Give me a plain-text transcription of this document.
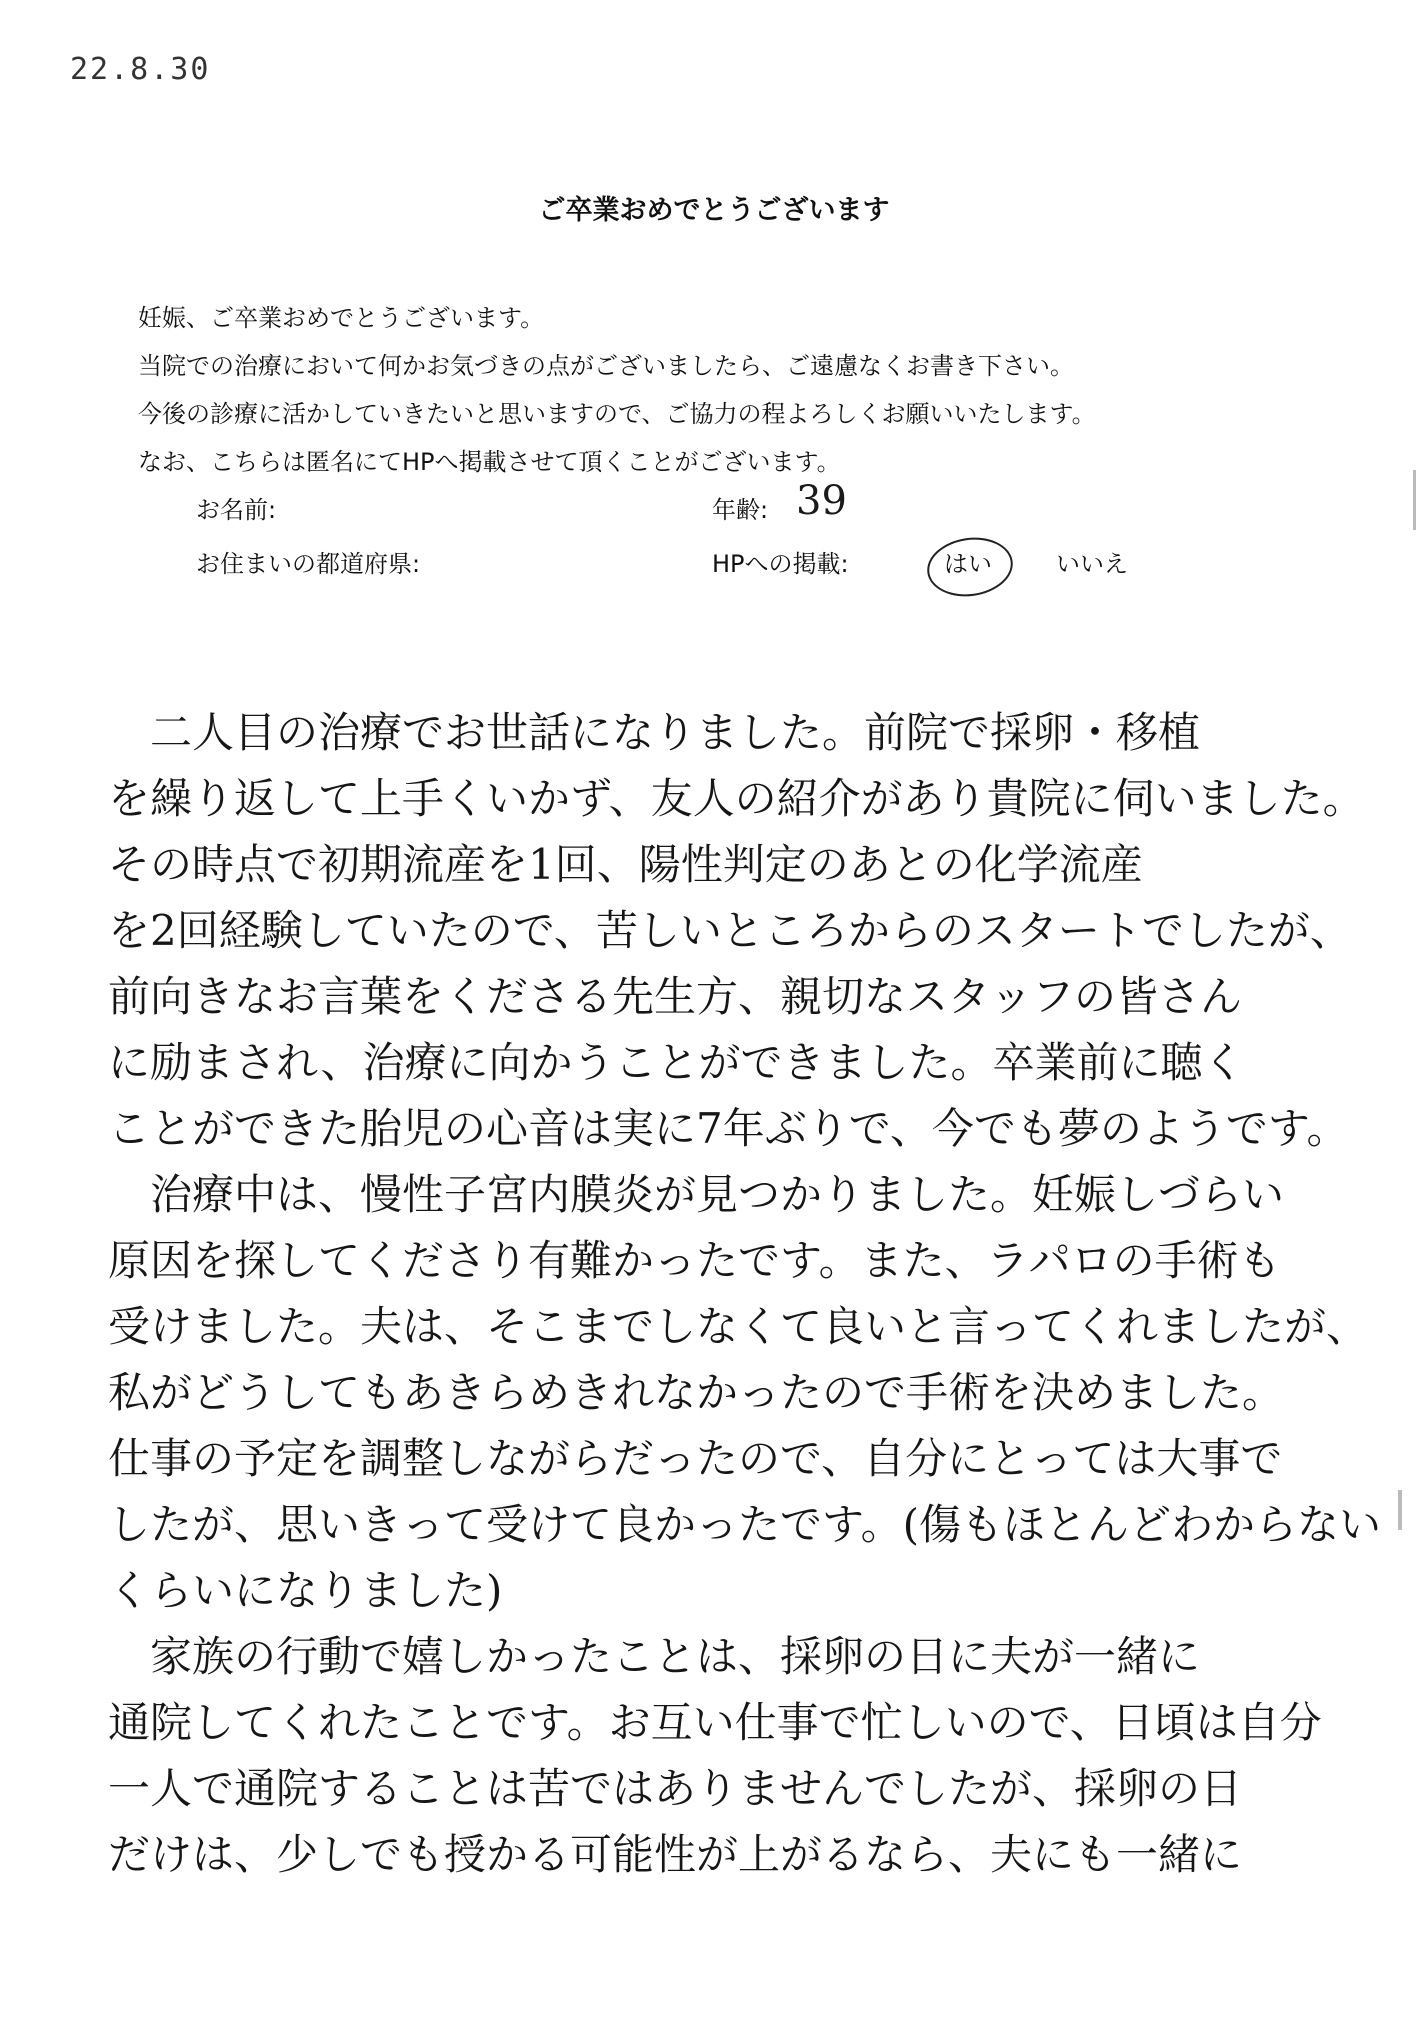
22.8.30
ご卒業おめでとうございます
妊娠、ご卒業おめでとうございます。
当院での治療において何かお気づきの点がございましたら、ご遠慮なくお書き下さい。
今後の診療に活かしていきたいと思いますので、ご協力の程よろしくお願いいたします。
なお、こちらは匿名にてHPへ掲載させて頂くことがございます。
お名前:	年齢: 39
お住まいの都道府県:	HPへの掲載:	はい	いいえ
　二人目の治療でお世話になりました。前院で採卵・移植
を繰り返して上手くいかず、友人の紹介があり貴院に伺いました。
その時点で初期流産を1回、陽性判定のあとの化学流産
を2回経験していたので、苦しいところからのスタートでしたが、
前向きなお言葉をくださる先生方、親切なスタッフの皆さん
に励まされ、治療に向かうことができました。卒業前に聴く
ことができた胎児の心音は実に7年ぶりで、今でも夢のようです。
　治療中は、慢性子宮内膜炎が見つかりました。妊娠しづらい
原因を探してくださり有難かったです。また、ラパロの手術も
受けました。夫は、そこまでしなくて良いと言ってくれましたが、
私がどうしてもあきらめきれなかったので手術を決めました。
仕事の予定を調整しながらだったので、自分にとっては大事で
したが、思いきって受けて良かったです。(傷もほとんどわからない
くらいになりました)
　家族の行動で嬉しかったことは、採卵の日に夫が一緒に
通院してくれたことです。お互い仕事で忙しいので、日頃は自分
一人で通院することは苦ではありませんでしたが、採卵の日
だけは、少しでも授かる可能性が上がるなら、夫にも一緒に
